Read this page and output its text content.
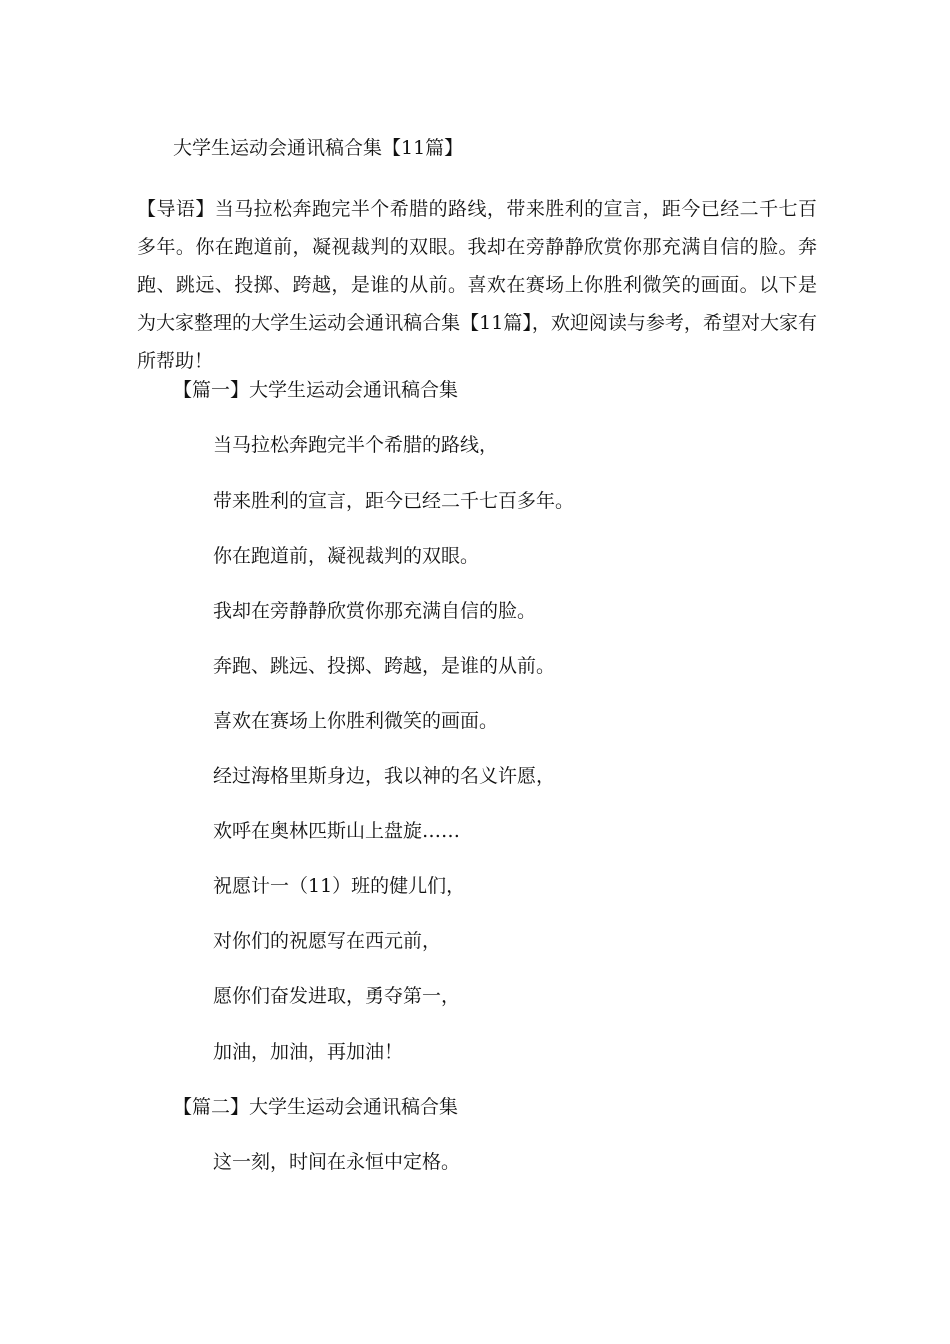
大学生运动会通讯稿合集【11篇】

【导语】当马拉松奔跑完半个希腊的路线，带来胜利的宣言，距今已经二千七百多年。你在跑道前，凝视裁判的双眼。我却在旁静静欣赏你那充满自信的脸。奔跑、跳远、投掷、跨越，是谁的从前。喜欢在赛场上你胜利微笑的画面。以下是为大家整理的大学生运动会通讯稿合集【11篇】，欢迎阅读与参考，希望对大家有所帮助！

【篇一】大学生运动会通讯稿合集
当马拉松奔跑完半个希腊的路线，
带来胜利的宣言，距今已经二千七百多年。
你在跑道前，凝视裁判的双眼。
我却在旁静静欣赏你那充满自信的脸。
奔跑、跳远、投掷、跨越，是谁的从前。
喜欢在赛场上你胜利微笑的画面。
经过海格里斯身边，我以神的名义许愿，
欢呼在奥林匹斯山上盘旋……
祝愿计一（11）班的健儿们，
对你们的祝愿写在西元前，
愿你们奋发进取，勇夺第一，
加油，加油，再加油！
【篇二】大学生运动会通讯稿合集
这一刻，时间在永恒中定格。
